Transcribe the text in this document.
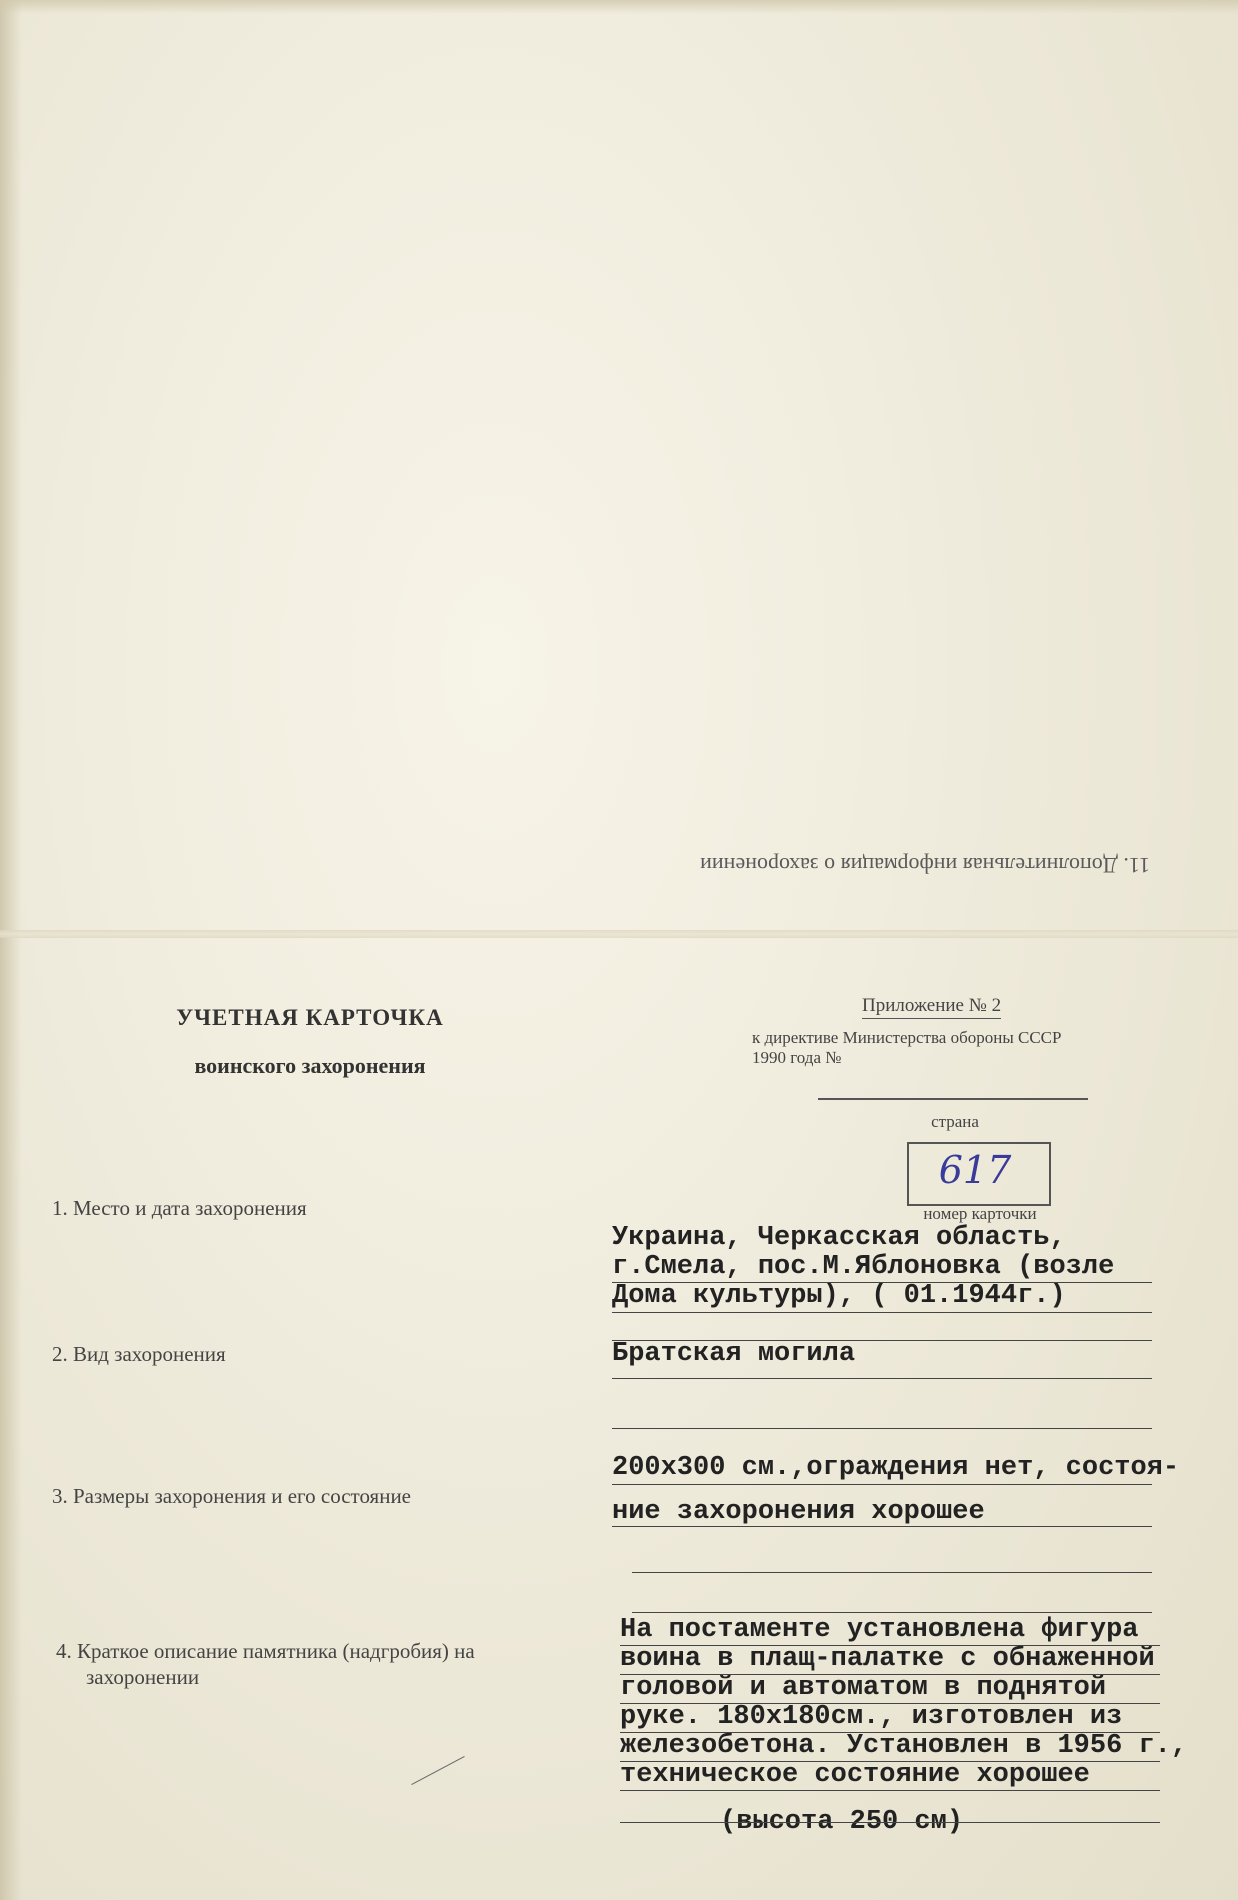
11. Дополнительная информация о захоронении
УЧЕТНАЯ КАРТОЧКА
воинского захоронения
Приложение № 2
к директиве Министерства обороны СССР
1990 года №
страна
617
номер карточки
1. Место и дата захоронения
Украина, Черкасская область,
г.Смела, пос.М.Яблоновка (возле
Дома культуры), ( 01.1944г.)
2. Вид захоронения	Братская могила
3. Размеры захоронения и его состояние
200x300 см.,ограждения нет, состоя-
ние захоронения хорошее
4. Краткое описание памятника (надгробия) на
захоронении
На постаменте установлена фигура
воина в плащ-палатке с обнаженной
головой и автоматом в поднятой
руке. 180x180см., изготовлен из
железобетона. Установлен в 1956 г.,
техническое состояние хорошее
(высота 250 см)
